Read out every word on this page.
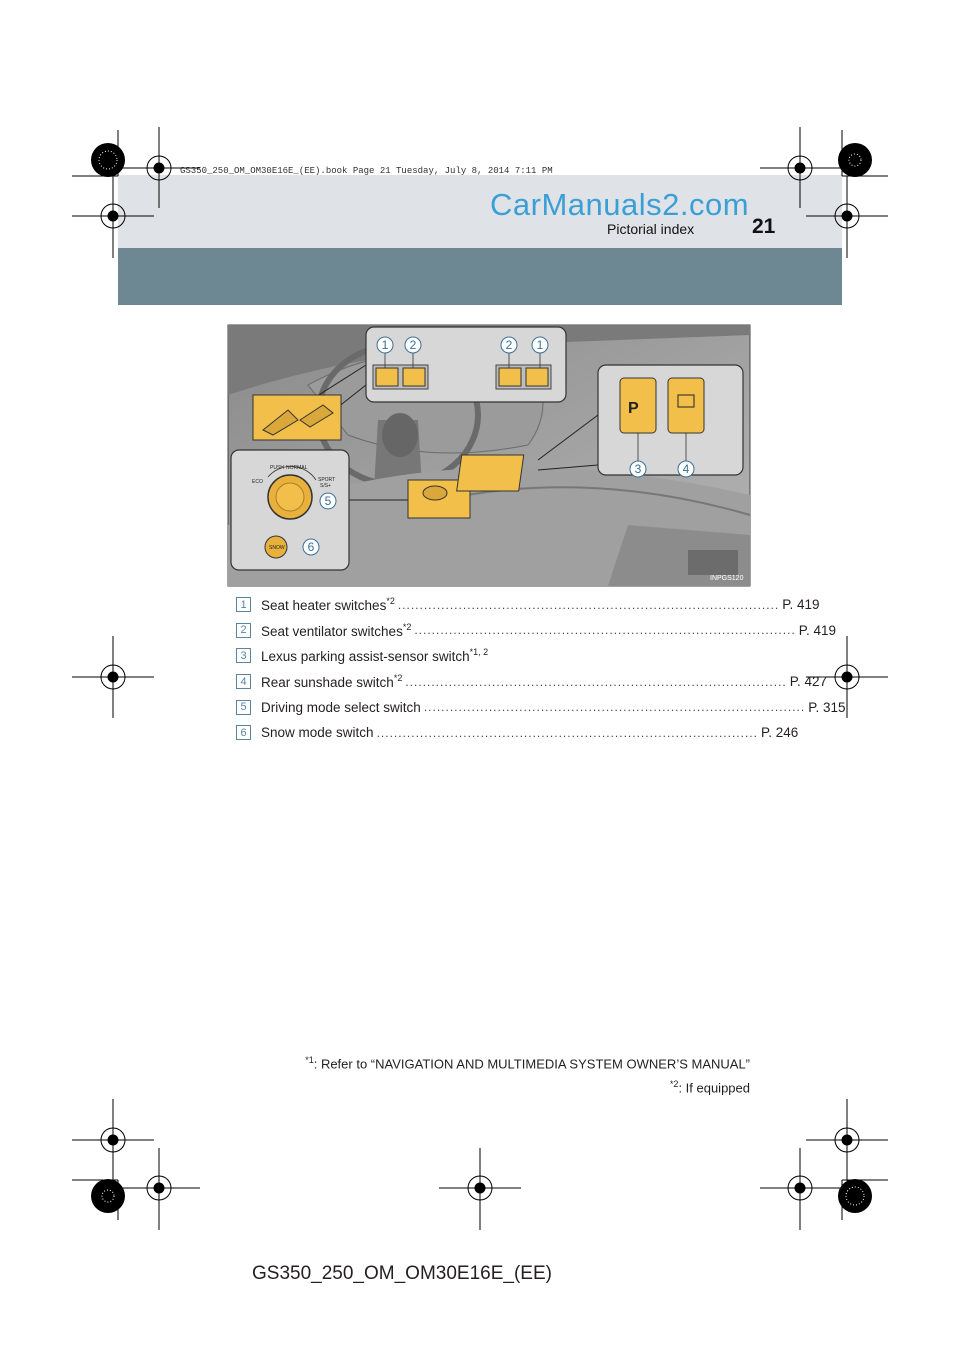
GS350_250_OM_OM30E16E_(EE).book Page 21 Tuesday, July 8, 2014 7:11 PM
CarManuals2.com
Pictorial index	21
P
PUSH NORMAL
ECO	SPORT
S/S+
SNOW
1 2	2 1
3	4
5
6
INPGS120
1	Seat heater switches$^{*2}$ ........................................................................................ P. 419
2	Seat ventilator switches$^{*2}$ ........................................................................................ P. 419
3	Lexus parking assist-sensor switch$^{*1, 2}$
4	Rear sunshade switch$^{*2}$ ........................................................................................ P. 427
5	Driving mode select switch ........................................................................................ P. 315
6	Snow mode switch ........................................................................................ P. 246
$^{*1}$: Refer to “NAVIGATION AND MULTIMEDIA SYSTEM OWNER’S MANUAL”
$^{*2}$: If equipped
GS350_250_OM_OM30E16E_(EE)
